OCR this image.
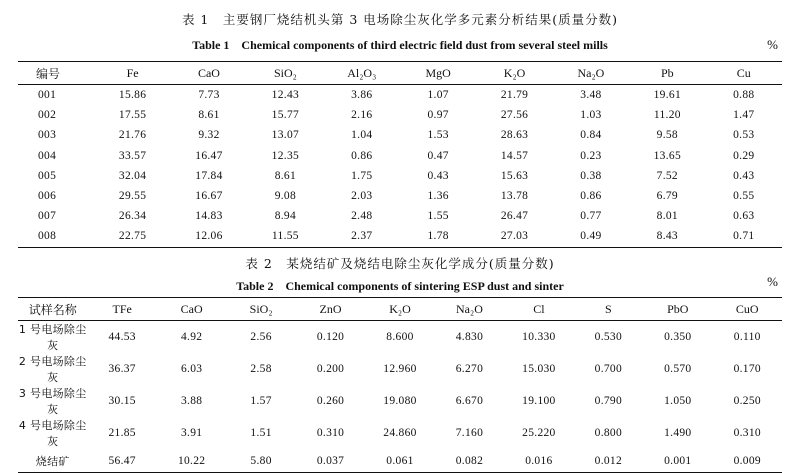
表 1　主要钢厂烧结机头第 3 电场除尘灰化学多元素分析结果(质量分数)
Table 1　Chemical components of third electric field dust from several steel mills	%
编号	Fe	CaO	SiO₂	Al₂O₃	MgO	K₂O	Na₂O	Pb	Cu
001	15.86	7.73	12.43	3.86	1.07	21.79	3.48	19.61	0.88
002	17.55	8.61	15.77	2.16	0.97	27.56	1.03	11.20	1.47
003	21.76	9.32	13.07	1.04	1.53	28.63	0.84	9.58	0.53
004	33.57	16.47	12.35	0.86	0.47	14.57	0.23	13.65	0.29
005	32.04	17.84	8.61	1.75	0.43	15.63	0.38	7.52	0.43
006	29.55	16.67	9.08	2.03	1.36	13.78	0.86	6.79	0.55
007	26.34	14.83	8.94	2.48	1.55	26.47	0.77	8.01	0.63
008	22.75	12.06	11.55	2.37	1.78	27.03	0.49	8.43	0.71
表 2　某烧结矿及烧结电除尘灰化学成分(质量分数)
Table 2　Chemical components of sintering ESP dust and sinter	%
试样名称	TFe	CaO	SiO₂	ZnO	K₂O	Na₂O	Cl	S	PbO	CuO
1 号电场除尘灰	44.53	4.92	2.56	0.120	8.600	4.830	10.330	0.530	0.350	0.110
2 号电场除尘灰	36.37	6.03	2.58	0.200	12.960	6.270	15.030	0.700	0.570	0.170
3 号电场除尘灰	30.15	3.88	1.57	0.260	19.080	6.670	19.100	0.790	1.050	0.250
4 号电场除尘灰	21.85	3.91	1.51	0.310	24.860	7.160	25.220	0.800	1.490	0.310
烧结矿	56.47	10.22	5.80	0.037	0.061	0.082	0.016	0.012	0.001	0.009
